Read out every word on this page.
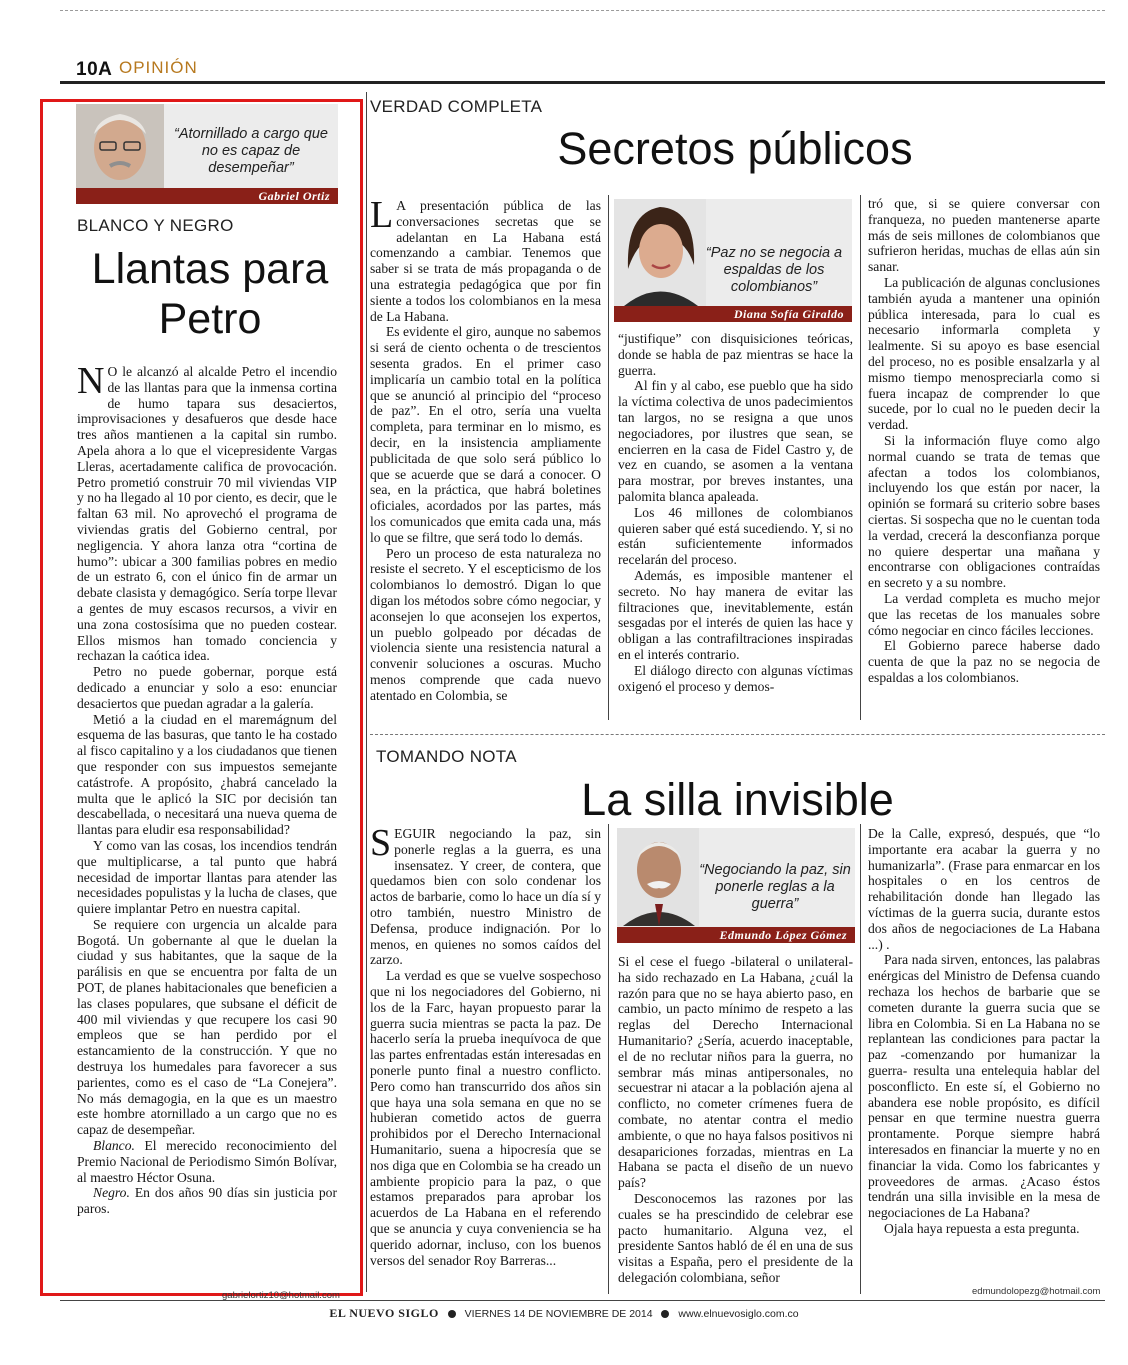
10A OPINIÓN
“Atornillado a cargo que no es capaz de desempeñar”
Gabriel Ortiz
BLANCO Y NEGRO
Llantas para
Petro

N O le alcanzó al alcalde Petro el incendio de las llantas para que la inmensa cortina de humo tapara sus desaciertos, improvisaciones y desafueros que desde hace tres años mantienen a la capital sin rumbo. Apela ahora a lo que el vicepresidente Vargas Lleras, acertadamente califica de provocación. Petro prometió construir 70 mil viviendas VIP y no ha llegado al 10 por ciento, es decir, que le faltan 63 mil. No aprovechó el programa de viviendas gratis del Gobierno central, por negligencia. Y ahora lanza otra “cortina de humo”: ubicar a 300 familias pobres en medio de un estrato 6, con el único fin de armar un debate clasista y demagógico. Sería torpe llevar a gentes de muy escasos recursos, a vivir en una zona costosísima que no pueden costear. Ellos mismos han tomado conciencia y rechazan la caótica idea.

Petro no puede gobernar, porque está dedicado a enunciar y solo a eso: enunciar desaciertos que puedan agradar a la galería.

Metió a la ciudad en el maremágnum del esquema de las basuras, que tanto le ha costado al fisco capitalino y a los ciudadanos que tienen que responder con sus impuestos semejante catástrofe. A propósito, ¿habrá cancelado la multa que le aplicó la SIC por decisión tan descabellada, o necesitará una nueva quema de llantas para eludir esa responsabilidad?

Y como van las cosas, los incendios tendrán que multiplicarse, a tal punto que habrá necesidad de importar llantas para atender las necesidades populistas y la lucha de clases, que quiere implantar Petro en nuestra capital.

Se requiere con urgencia un alcalde para Bogotá. Un gobernante al que le duelan la ciudad y sus habitantes, que la saque de la parálisis en que se encuentra por falta de un POT, de planes habitacionales que beneficien a las clases populares, que subsane el déficit de 400 mil viviendas y que recupere los casi 90 empleos que se han perdido por el estancamiento de la construcción. Y que no destruya los humedales para favorecer a sus parientes, como es el caso de “La Conejera”. No más demagogia, en la que es un maestro este hombre atornillado a un cargo que no es capaz de desempeñar.

Blanco. El merecido reconocimiento del Premio Nacional de Periodismo Simón Bolívar, al maestro Héctor Osuna.

Negro. En dos años 90 días sin justicia por paros.

gabrielortiz10@hotmail.com
VERDAD COMPLETA
Secretos públicos

L A presentación pública de las conversaciones secretas que se adelantan en La Habana está comenzando a cambiar. Tenemos que saber si se trata de más propaganda o de una estrategia pedagógica que por fin siente a todos los colombianos en la mesa de La Habana.

Es evidente el giro, aunque no sabemos si será de ciento ochenta o de trescientos sesenta grados. En el primer caso implicaría un cambio total en la política que se anunció al principio del “proceso de paz”. En el otro, sería una vuelta completa, para terminar en lo mismo, es decir, en la insistencia ampliamente publicitada de que solo será público lo que se acuerde que se dará a conocer. O sea, en la práctica, que habrá boletines oficiales, acordados por las partes, más los comunicados que emita cada una, más lo que se filtre, que será todo lo demás.

Pero un proceso de esta naturaleza no resiste el secreto. Y el escepticismo de los colombianos lo demostró. Digan lo que digan los métodos sobre cómo negociar, y aconsejen lo que aconsejen los expertos, un pueblo golpeado por décadas de violencia siente una resistencia natural a convenir soluciones a oscuras. Mucho menos comprende que cada nuevo atentado en Colombia, se

“Paz no se negocia a espaldas de los colombianos”
Diana Sofía Giraldo

“justifique” con disquisiciones teóricas, donde se habla de paz mientras se hace la guerra.

Al fin y al cabo, ese pueblo que ha sido la víctima colectiva de unos padecimientos tan largos, no se resigna a que unos negociadores, por ilustres que sean, se encierren en la casa de Fidel Castro y, de vez en cuando, se asomen a la ventana para mostrar, por breves instantes, una palomita blanca apaleada.

Los 46 millones de colombianos quieren saber qué está sucediendo. Y, si no están suficientemente informados recelarán del proceso.

Además, es imposible mantener el secreto. No hay manera de evitar las filtraciones que, inevitablemente, están sesgadas por el interés de quien las hace y obligan a las contrafiltraciones inspiradas en el interés contrario.

El diálogo directo con algunas víctimas oxigenó el proceso y demos-

tró que, si se quiere conversar con franqueza, no pueden mantenerse aparte más de seis millones de colombianos que sufrieron heridas, muchas de ellas aún sin sanar.

La publicación de algunas conclusiones también ayuda a mantener una opinión pública interesada, para lo cual es necesario informarla completa y lealmente. Si su apoyo es base esencial del proceso, no es posible ensalzarla y al mismo tiempo menospreciarla como si fuera incapaz de comprender lo que sucede, por lo cual no le pueden decir la verdad.

Si la información fluye como algo normal cuando se trata de temas que afectan a todos los colombianos, incluyendo los que están por nacer, la opinión se formará su criterio sobre bases ciertas. Si sospecha que no le cuentan toda la verdad, crecerá la desconfianza porque no quiere despertar una mañana y encontrarse con obligaciones contraídas en secreto y a su nombre.

La verdad completa es mucho mejor que las recetas de los manuales sobre cómo negociar en cinco fáciles lecciones.

El Gobierno parece haberse dado cuenta de que la paz no se negocia de espaldas a los colombianos.

TOMANDO NOTA
La silla invisible

SEGUIR negociando la paz, sin ponerle reglas a la guerra, es una insensatez. Y creer, de contera, que quedamos bien con solo condenar los actos de barbarie, como lo hace un día sí y otro también, nuestro Ministro de Defensa, produce indignación. Por lo menos, en quienes no somos caídos del zarzo.

La verdad es que se vuelve sospechoso que ni los negociadores del Gobierno, ni los de la Farc, hayan propuesto parar la guerra sucia mientras se pacta la paz. De hacerlo sería la prueba inequívoca de que las partes enfrentadas están interesadas en ponerle punto final a nuestro conflicto. Pero como han transcurrido dos años sin que haya una sola semana en que no se hubieran cometido actos de guerra prohibidos por el Derecho Internacional Humanitario, suena a hipocresía que se nos diga que en Colombia se ha creado un ambiente propicio para la paz, o que estamos preparados para aprobar los acuerdos de La Habana en el referendo que se anuncia y cuya conveniencia se ha querido adornar, incluso, con los buenos versos del senador Roy Barreras...

“Negociando la paz, sin ponerle reglas a la guerra”
Edmundo López Gómez

Si el cese el fuego -bilateral o unilateral- ha sido rechazado en La Habana, ¿cuál la razón para que no se haya abierto paso, en cambio, un pacto mínimo de respeto a las reglas del Derecho Internacional Humanitario? ¿Sería, acuerdo inaceptable, el de no reclutar niños para la guerra, no sembrar más minas antipersonales, no secuestrar ni atacar a la población ajena al conflicto, no cometer crímenes fuera de combate, no atentar contra el medio ambiente, o que no haya falsos positivos ni desapariciones forzadas, mientras en La Habana se pacta el diseño de un nuevo país?

Desconocemos las razones por las cuales se ha prescindido de celebrar ese pacto humanitario. Alguna vez, el presidente Santos habló de él en una de sus visitas a España, pero el presidente de la delegación colombiana, señor

De la Calle, expresó, después, que “lo importante era acabar la guerra y no humanizarla”. (Frase para enmarcar en los hospitales o en los centros de rehabilitación donde han llegado las víctimas de la guerra sucia, durante estos dos años de negociaciones de La Habana ...) .

Para nada sirven, entonces, las palabras enérgicas del Ministro de Defensa cuando rechaza los hechos de barbarie que se cometen durante la guerra sucia que se libra en Colombia. Si en La Habana no se replantean las condiciones para pactar la paz -comenzando por humanizar la guerra- resulta una entelequia hablar del posconflicto. En este sí, el Gobierno no abandera ese noble propósito, es difícil pensar en que termine nuestra guerra prontamente. Porque siempre habrá interesados en financiar la muerte y no en financiar la vida. Como los fabricantes y proveedores de armas. ¿Acaso éstos tendrán una silla invisible en la mesa de negociaciones de La Habana?

Ojala haya repuesta a esta pregunta.

edmundolopezg@hotmail.com
EL NUEVO SIGLO VIERNES 14 DE NOVIEMBRE DE 2014 www.elnuevosiglo.com.co
